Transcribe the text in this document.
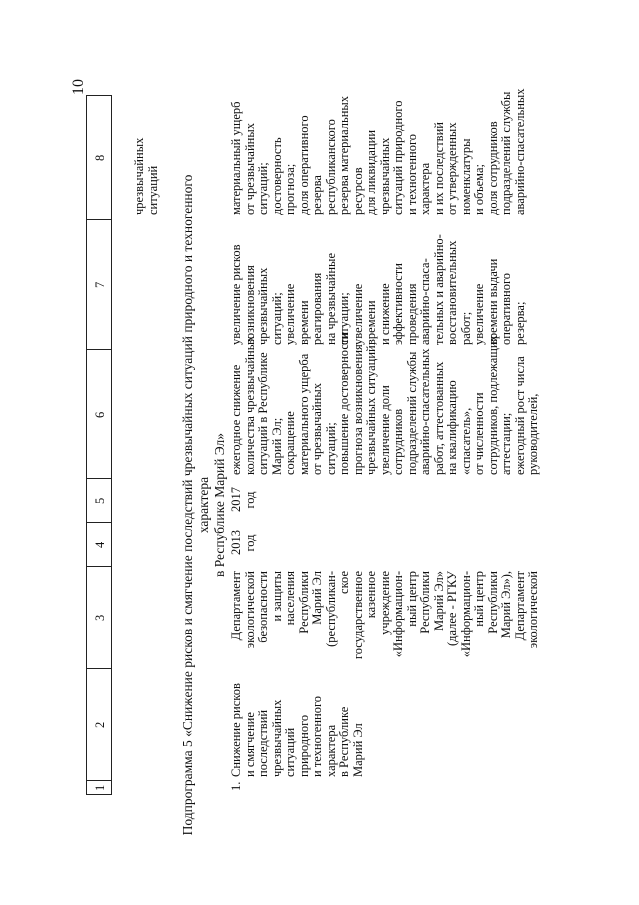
10
1
2
3
4
5
6
7
8 чрезвычайных ситуаций Подпрограмма 5 «Снижение рисков и смягчение последствий чрезвычайных ситуаций природного и техногенного характера в Республике Марий Эл»
1.
Снижение рисков и смягчение последствий чрезвычайных ситуаций природного и техногенного характера в Республике Марий Эл
Департамент экологической безопасности и защиты населения Республики Марий Эл (республикан- ское государственное казенное учреждение «Информацион- ный центр Республики Марий Эл» (далее - РГКУ «Информацион- ный центр Республики Марий Эл»), Департамент экологической
2013 год
2017 год
ежегодное снижение количества чрезвычайных ситуаций в Республике Марий Эл; сокращение материального ущерба от чрезвычайных ситуаций; повышение достоверности прогноза возникновения чрезвычайных ситуаций; увеличение доли сотрудников подразделений службы аварийно-спасательных работ, аттестованных на квалификацию «спасатель», от численности сотрудников, подлежащих аттестации; ежегодный рост числа руководителей,
увеличение рисков возникновения чрезвычайных ситуаций; увеличение времени реагирования на чрезвычайные ситуации; увеличение времени и снижение эффективности проведения аварийно-спаса- тельных и аварийно- восстановительных работ; увеличение времени выдачи оперативного резерва;
материальный ущерб от чрезвычайных ситуаций; достоверность прогноза; доля оперативного резерва республиканского резерва материальных ресурсов для ликвидации чрезвычайных ситуаций природного и техногенного характера и их последствий от утвержденных номенклатуры и объема; доля сотрудников подразделений службы аварийно-спасательных
